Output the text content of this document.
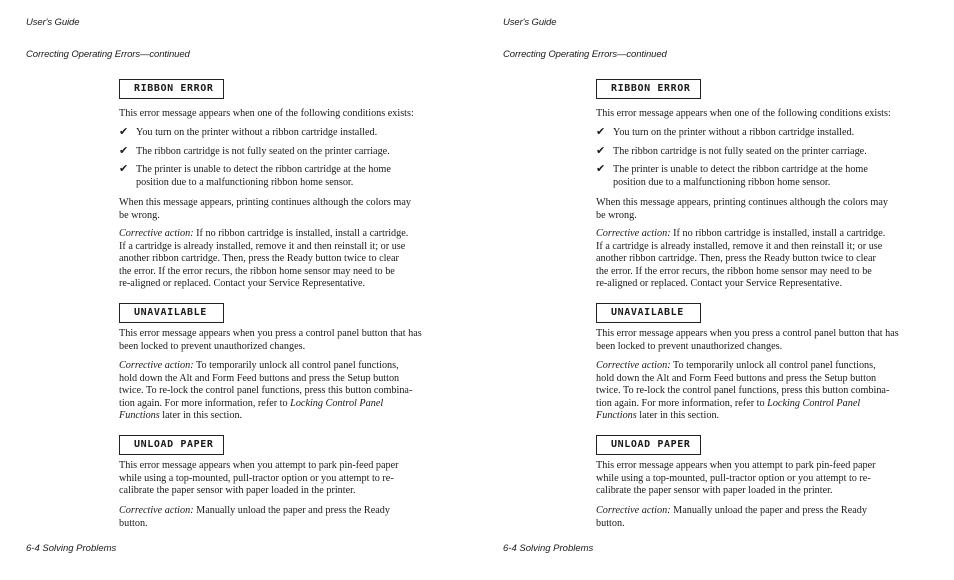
User's Guide
Correcting Operating Errors—continued
RIBBON ERROR
This error message appears when one of the following conditions exists:
✔ You turn on the printer without a ribbon cartridge installed.
✔ The ribbon cartridge is not fully seated on the printer carriage.
✔ The printer is unable to detect the ribbon cartridge at the home
position due to a malfunctioning ribbon home sensor.
When this message appears, printing continues although the colors may
be wrong.
Corrective action: If no ribbon cartridge is installed, install a cartridge.
If a cartridge is already installed, remove it and then reinstall it; or use
another ribbon cartridge. Then, press the Ready button twice to clear
the error. If the error recurs, the ribbon home sensor may need to be
re-aligned or replaced. Contact your Service Representative.
UNAVAILABLE
This error message appears when you press a control panel button that has
been locked to prevent unauthorized changes.
Corrective action: To temporarily unlock all control panel functions,
hold down the Alt and Form Feed buttons and press the Setup button
twice. To re-lock the control panel functions, press this button combina-
tion again. For more information, refer to Locking Control Panel
Functions later in this section.
UNLOAD PAPER
This error message appears when you attempt to park pin-feed paper
while using a top-mounted, pull-tractor option or you attempt to re-
calibrate the paper sensor with paper loaded in the printer.
Corrective action: Manually unload the paper and press the Ready
button.
6-4 Solving Problems
User's Guide
Correcting Operating Errors—continued
RIBBON ERROR
This error message appears when one of the following conditions exists:
✔ You turn on the printer without a ribbon cartridge installed.
✔ The ribbon cartridge is not fully seated on the printer carriage.
✔ The printer is unable to detect the ribbon cartridge at the home
position due to a malfunctioning ribbon home sensor.
When this message appears, printing continues although the colors may
be wrong.
Corrective action: If no ribbon cartridge is installed, install a cartridge.
If a cartridge is already installed, remove it and then reinstall it; or use
another ribbon cartridge. Then, press the Ready button twice to clear
the error. If the error recurs, the ribbon home sensor may need to be
re-aligned or replaced. Contact your Service Representative.
UNAVAILABLE
This error message appears when you press a control panel button that has
been locked to prevent unauthorized changes.
Corrective action: To temporarily unlock all control panel functions,
hold down the Alt and Form Feed buttons and press the Setup button
twice. To re-lock the control panel functions, press this button combina-
tion again. For more information, refer to Locking Control Panel
Functions later in this section.
UNLOAD PAPER
This error message appears when you attempt to park pin-feed paper
while using a top-mounted, pull-tractor option or you attempt to re-
calibrate the paper sensor with paper loaded in the printer.
Corrective action: Manually unload the paper and press the Ready
button.
6-4 Solving Problems
